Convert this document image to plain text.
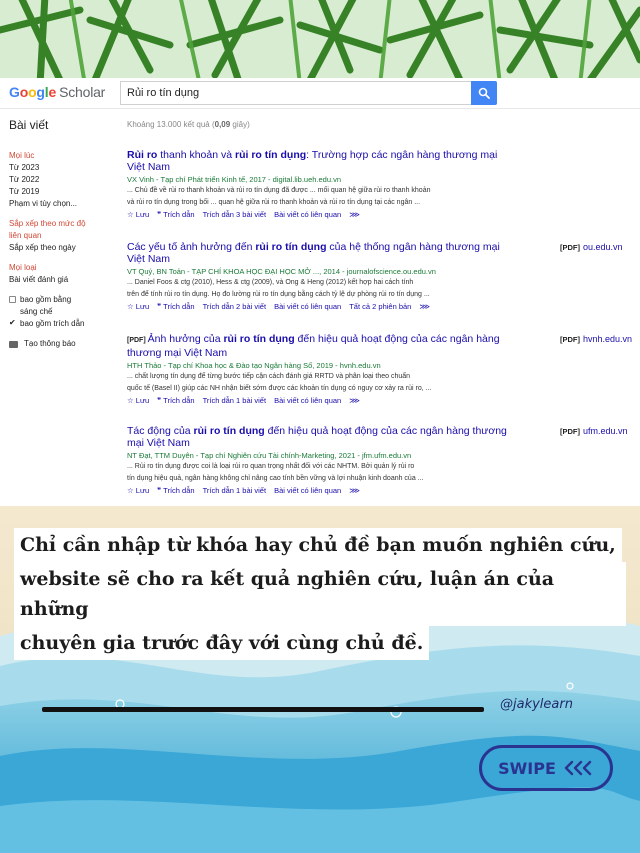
Google Scholar	Rủi ro tín dụng
Bài viết	Khoảng 13.000 kết quả (0,09 giây)
Mọi lúc
Từ 2023
Từ 2022
Từ 2019
Phạm vi tùy chọn...
Sắp xếp theo mức độ liên quan
Sắp xếp theo ngày
Mọi loại
Bài viết đánh giá
bao gồm bằng sáng chế
✔ bao gồm trích dẫn
Tạo thông báo
Rủi ro thanh khoản và rủi ro tín dụng: Trường hợp các ngân hàng thương mại Việt Nam
VX Vinh - Tạp chí Phát triển Kinh tế, 2017 - digital.lib.ueh.edu.vn
... Chủ đề về rủi ro thanh khoản và rủi ro tín dụng đã được ... mối quan hệ giữa rủi ro thanh khoản
và rủi ro tín dụng trong bối ... quan hệ giữa rủi ro thanh khoản và rủi ro tín dụng tại các ngân ...
☆ Lưu ❞ Trích dẫn Trích dẫn 3 bài viết Bài viết có liên quan ⋙
Các yếu tố ảnh hưởng đến rủi ro tín dụng của hệ thống ngân hàng thương mại Việt Nam
VT Quý, BN Toản - TẠP CHÍ KHOA HỌC ĐẠI HỌC MỞ ..., 2014 - journalofscience.ou.edu.vn
... Daniel Foos & ctg (2010), Hess & ctg (2009), và Ong & Heng (2012) kết hợp hai cách tính
trên để tính rủi ro tín dụng. Họ đo lường rủi ro tín dụng bằng cách tỷ lệ dự phòng rủi ro tín dụng ...
☆ Lưu ❞ Trích dẫn Trích dẫn 2 bài viết Bài viết có liên quan Tất cả 2 phiên bản ⋙
[PDF] ou.edu.vn
[PDF] Ảnh hưởng của rủi ro tín dụng đến hiệu quả hoạt động của các ngân hàng thương mại Việt Nam
HTH Thảo - Tạp chí Khoa học & Đào tạo Ngân hàng Số, 2019 - hvnh.edu.vn
... chất lượng tín dụng để từng bước tiếp cận cách đánh giá RRTD và phân loại theo chuẩn
quốc tế (Basel II) giúp các NH nhận biết sớm được các khoản tín dụng có nguy cơ xảy ra rủi ro, ...
☆ Lưu ❞ Trích dẫn Trích dẫn 1 bài viết Bài viết có liên quan ⋙
[PDF] hvnh.edu.vn
Tác động của rủi ro tín dụng đến hiệu quả hoạt động của các ngân hàng thương mại Việt Nam
NT Đạt, TTM Duyên - Tạp chí Nghiên cứu Tài chính-Marketing, 2021 - jfm.ufm.edu.vn
... Rủi ro tín dụng được coi là loại rủi ro quan trọng nhất đối với các NHTM. Bởi quản lý rủi ro
tín dụng hiệu quả, ngân hàng không chỉ nâng cao tính bền vững và lợi nhuận kinh doanh của ...
☆ Lưu ❞ Trích dẫn Trích dẫn 1 bài viết Bài viết có liên quan ⋙
[PDF] ufm.edu.vn
Chỉ cần nhập từ khóa hay chủ đề bạn muốn nghiên cứu,
website sẽ cho ra kết quả nghiên cứu, luận án của những
chuyên gia trước đây với cùng chủ đề.
@jakylearn
SWIPE
